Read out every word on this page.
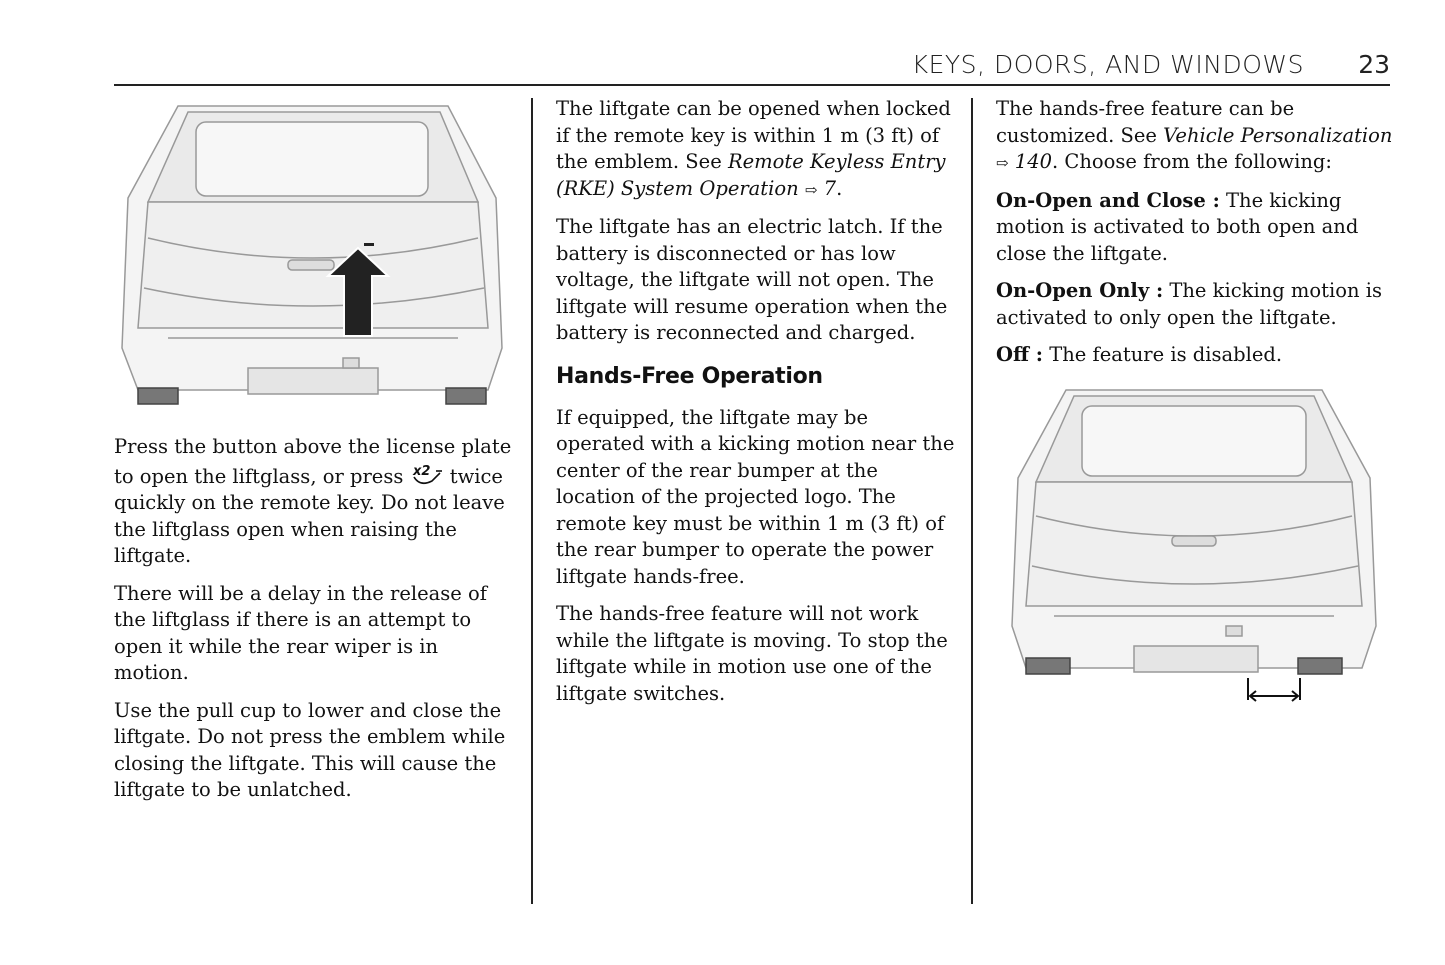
KEYS, DOORS, AND WINDOWS 23

Press the button above the license plate to open the liftglass, or press x2 twice quickly on the remote key. Do not leave the liftglass open when raising the liftgate.

There will be a delay in the release of the liftglass if there is an attempt to open it while the rear wiper is in motion.

Use the pull cup to lower and close the liftgate. Do not press the emblem while closing the liftgate. This will cause the liftgate to be unlatched.

The liftgate can be opened when locked if the remote key is within 1 m (3 ft) of the emblem. See Remote Keyless Entry (RKE) System Operation ⇨ 7.

The liftgate has an electric latch. If the battery is disconnected or has low voltage, the liftgate will not open. The liftgate will resume operation when the battery is reconnected and charged.

Hands-Free Operation

If equipped, the liftgate may be operated with a kicking motion near the center of the rear bumper at the location of the projected logo. The remote key must be within 1 m (3 ft) of the rear bumper to operate the power liftgate hands-free.

The hands-free feature will not work while the liftgate is moving. To stop the liftgate while in motion use one of the liftgate switches.

The hands-free feature can be customized. See Vehicle Personalization ⇨ 140. Choose from the following:

On-Open and Close : The kicking motion is activated to both open and close the liftgate.

On-Open Only : The kicking motion is activated to only open the liftgate.

Off : The feature is disabled.
